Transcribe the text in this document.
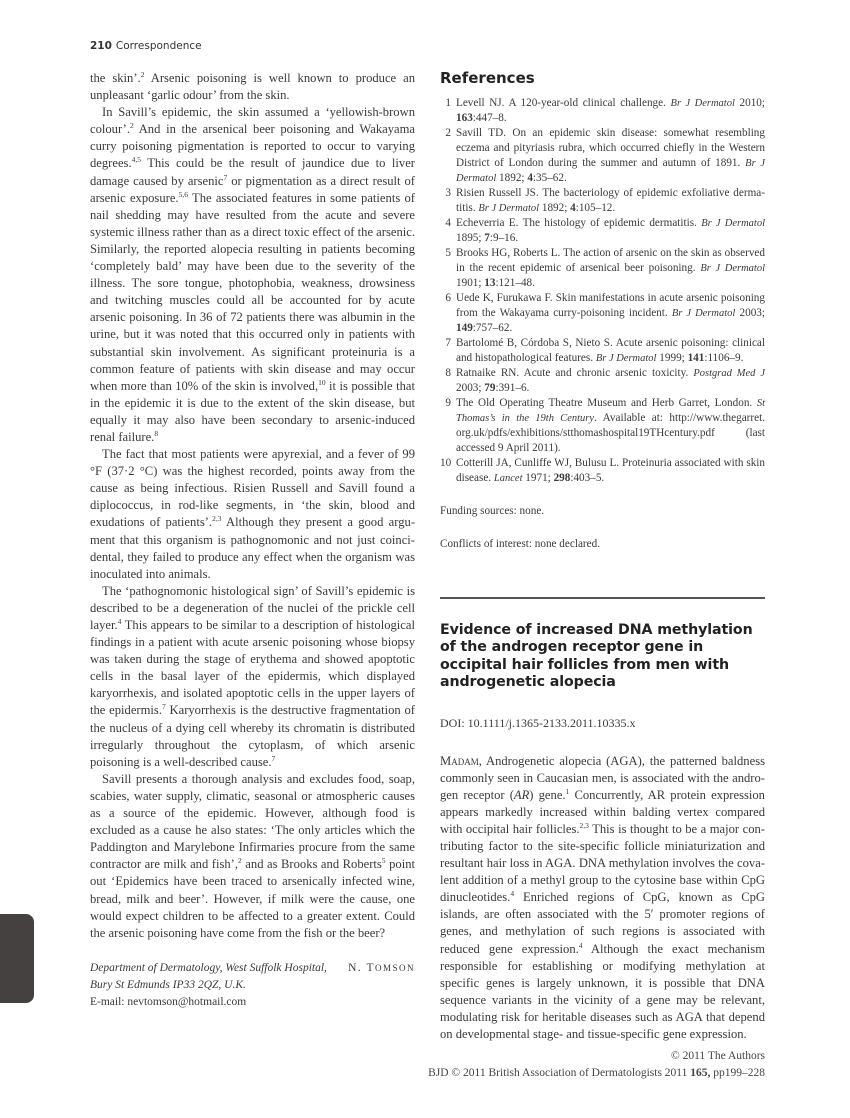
210 Correspondence

the skin’.$^2$ Arsenic poisoning is well known to produce an unpleasant ‘garlic odour’ from the skin.

In Savill’s epidemic, the skin assumed a ‘yellowish-brown colour’.$^2$ And in the arsenical beer poisoning and Wakayama curry poisoning pigmentation is reported to occur to varying degrees.$^{4,5}$ This could be the result of jaundice due to liver damage caused by arsenic$^7$ or pigmentation as a direct result of arsenic exposure.$^{5,6}$ The associated features in some patients of nail shedding may have resulted from the acute and severe systemic illness rather than as a direct toxic effect of the arsenic. Similarly, the reported alopecia resulting in patients becoming ‘completely bald’ may have been due to the severity of the illness. The sore tongue, photophobia, weakness, drowsiness and twitching muscles could all be accounted for by acute arsenic poisoning. In 36 of 72 patients there was albumin in the urine, but it was noted that this occurred only in patients with substantial skin involvement. As significant proteinuria is a common feature of patients with skin disease and may occur when more than 10% of the skin is involved,$^{10}$ it is possible that in the epidemic it is due to the extent of the skin disease, but equally it may also have been secondary to arsenic-induced renal failure.$^8$

The fact that most patients were apyrexial, and a fever of 99 °F (37·2 °C) was the highest recorded, points away from the cause as being infectious. Risien Russell and Savill found a diplococcus, in rod-like segments, in ‘the skin, blood and exudations of patients’.$^{2,3}$ Although they present a good argument that this organism is pathognomonic and not just coincidental, they failed to produce any effect when the organism was inoculated into animals.

The ‘pathognomonic histological sign’ of Savill’s epidemic is described to be a degeneration of the nuclei of the prickle cell layer.$^4$ This appears to be similar to a description of histological findings in a patient with acute arsenic poisoning whose biopsy was taken during the stage of erythema and showed apoptotic cells in the basal layer of the epidermis, which displayed karyorrhexis, and isolated apoptotic cells in the upper layers of the epidermis.$^7$ Karyorrhexis is the destructive fragmentation of the nucleus of a dying cell whereby its chromatin is distributed irregularly throughout the cytoplasm, of which arsenic poisoning is a well-described cause.$^7$

Savill presents a thorough analysis and excludes food, soap, scabies, water supply, climatic, seasonal or atmospheric causes as a source of the epidemic. However, although food is excluded as a cause he also states: ‘The only articles which the Paddington and Marylebone Infirmaries procure from the same contractor are milk and fish’,$^2$ and as Brooks and Roberts$^5$ point out ‘Epidemics have been traced to arsenically infected wine, bread, milk and beer’. However, if milk were the cause, one would expect children to be affected to a greater extent. Could the arsenic poisoning have come from the fish or the beer?

Department of Dermatology, West Suffolk Hospital,
Bury St Edmunds IP33 2QZ, U.K.
E-mail: nevtomson@hotmail.com
N. TOMSON
References
1 Levell NJ. A 120-year-old clinical challenge. Br J Dermatol 2010; 163:447–8.
2 Savill TD. On an epidemic skin disease: somewhat resembling eczema and pityriasis rubra, which occurred chiefly in the Western District of London during the summer and autumn of 1891. Br J Dermatol 1892; 4:35–62.
3 Risien Russell JS. The bacteriology of epidemic exfoliative dermatitis. Br J Dermatol 1892; 4:105–12.
4 Echeverria E. The histology of epidemic dermatitis. Br J Dermatol 1895; 7:9–16.
5 Brooks HG, Roberts L. The action of arsenic on the skin as observed in the recent epidemic of arsenical beer poisoning. Br J Dermatol 1901; 13:121–48.
6 Uede K, Furukawa F. Skin manifestations in acute arsenic poisoning from the Wakayama curry-poisoning incident. Br J Dermatol 2003; 149:757–62.
7 Bartolomé B, Córdoba S, Nieto S. Acute arsenic poisoning: clinical and histopathological features. Br J Dermatol 1999; 141:1106–9.
8 Ratnaike RN. Acute and chronic arsenic toxicity. Postgrad Med J 2003; 79:391–6.
9 The Old Operating Theatre Museum and Herb Garret, London. St Thomas’s in the 19th Century. Available at: http://www.thegarret.​org.uk/pdfs/exhibitions/stthomashospital19THcentury.pdf (last accessed 9 April 2011).
10 Cotterill JA, Cunliffe WJ, Bulusu L. Proteinuria associated with skin disease. Lancet 1971; 298:403–5.
Funding sources: none.
Conflicts of interest: none declared.
Evidence of increased DNA methylation of the androgen receptor gene in occipital hair follicles from men with androgenetic alopecia
DOI: 10.1111/j.1365-2133.2011.10335.x

Madam, Androgenetic alopecia (AGA), the patterned baldness commonly seen in Caucasian men, is associated with the androgen receptor (AR) gene.$^1$ Concurrently, AR protein expression appears markedly increased within balding vertex compared with occipital hair follicles.$^{2,3}$ This is thought to be a major contributing factor to the site-specific follicle miniaturization and resultant hair loss in AGA. DNA methylation involves the covalent addition of a methyl group to the cytosine base within CpG dinucleotides.$^4$ Enriched regions of CpG, known as CpG islands, are often associated with the 5′ promoter regions of genes, and methylation of such regions is associated with reduced gene expression.$^4$ Although the exact mechanism responsible for establishing or modifying methylation at specific genes is largely unknown, it is possible that DNA sequence variants in the vicinity of a gene may be relevant, modulating risk for heritable diseases such as AGA that depend on developmental stage- and tissue-specific gene expression.

© 2011 The Authors
BJD © 2011 British Association of Dermatologists 2011 165, pp199–228
